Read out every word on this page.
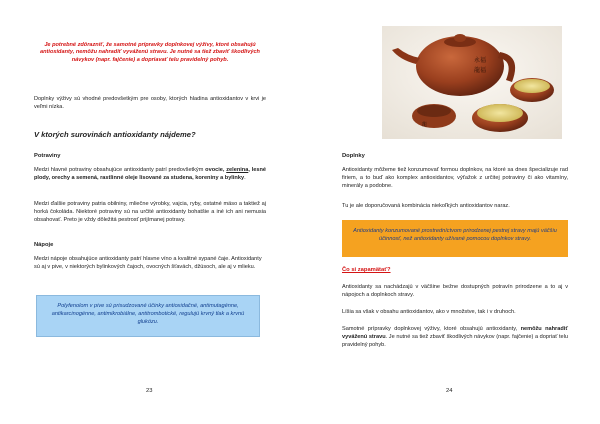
Je potrebné zdôrazniť, že samotné prípravky doplnkovej výživy, ktoré obsahujú antioxidanty, nemôžu nahradiť vyváženú stravu. Je nutné sa tiež zbaviť škodlivých návykov (napr. fajčenie) a dopriavať telu pravidelný pohyb.

Doplnky výživy sú vhodné predovšetkým pre osoby, ktorých hladina antioxidantov v krvi je veľmi nízka.

V ktorých surovinách antioxidanty nájdeme?
Potraviny

Medzi hlavné potraviny obsahujúce antioxidanty patrí predovšetkým ovocie, zelenina, lesné plody, orechy a semená, rastlinné oleje lisované za studena, koreniny a bylinky.

Medzi ďalšie potraviny patria obilniny, mliečne výrobky, vajcia, ryby, ostatné mäso a taktiež aj horká čokoláda. Niektoré potraviny sú na určité antioxidanty bohatšie a iné ich ani nemusia obsahovať. Preto je vždy dôležitá pestrosť prijímanej potravy.

Nápoje

Medzi nápoje obsahujúce antioxidanty patrí hlavne víno a kvalitné sypané čaje. Antioxidanty sú aj v pive, v niektorých bylinkových čajoch, ovocných šťavách, džúsoch, ale aj v mlieku.

Polyfenolom v pive sú prisudzované účinky antioxidačné, antimutagénne, antikarcinogénne, antimikrobiálne, antitrombotické, regulujú krvný tlak a krvnú glukózu.

23
永福
龍福
龍
Doplnky

Antioxidanty môžeme tiež konzumovať formou doplnkov, na ktoré sa dnes špecializuje rad firiem, a to buď ako komplex antioxidantov, výťažok z určitej potraviny či ako vitamíny, minerály a podobne.

Tu je ale doporučovaná kombinácia niekoľkých antioxidantov naraz.

Antioxidanty konzumované prostredníctvom prirodzenej pestrej stravy majú väčšiu účinnosť, než antioxidanty užívané pomocou doplnkov stravy.

Čo si zapamätať?

Antioxidanty sa nachádzajú v väčšine bežne dostupných potravín prirodzene a to aj v nápojoch a doplnkoch stravy.

Líšia sa však v obsahu antioxidantov, ako v množstve, tak i v druhoch.

Samotné prípravky doplnkovej výživy, ktoré obsahujú antioxidanty, nemôžu nahradiť vyváženú stravu. Je nutné sa tiež zbaviť škodlivých návykov (napr. fajčenie) a dopriať telu pravidelný pohyb.

24
